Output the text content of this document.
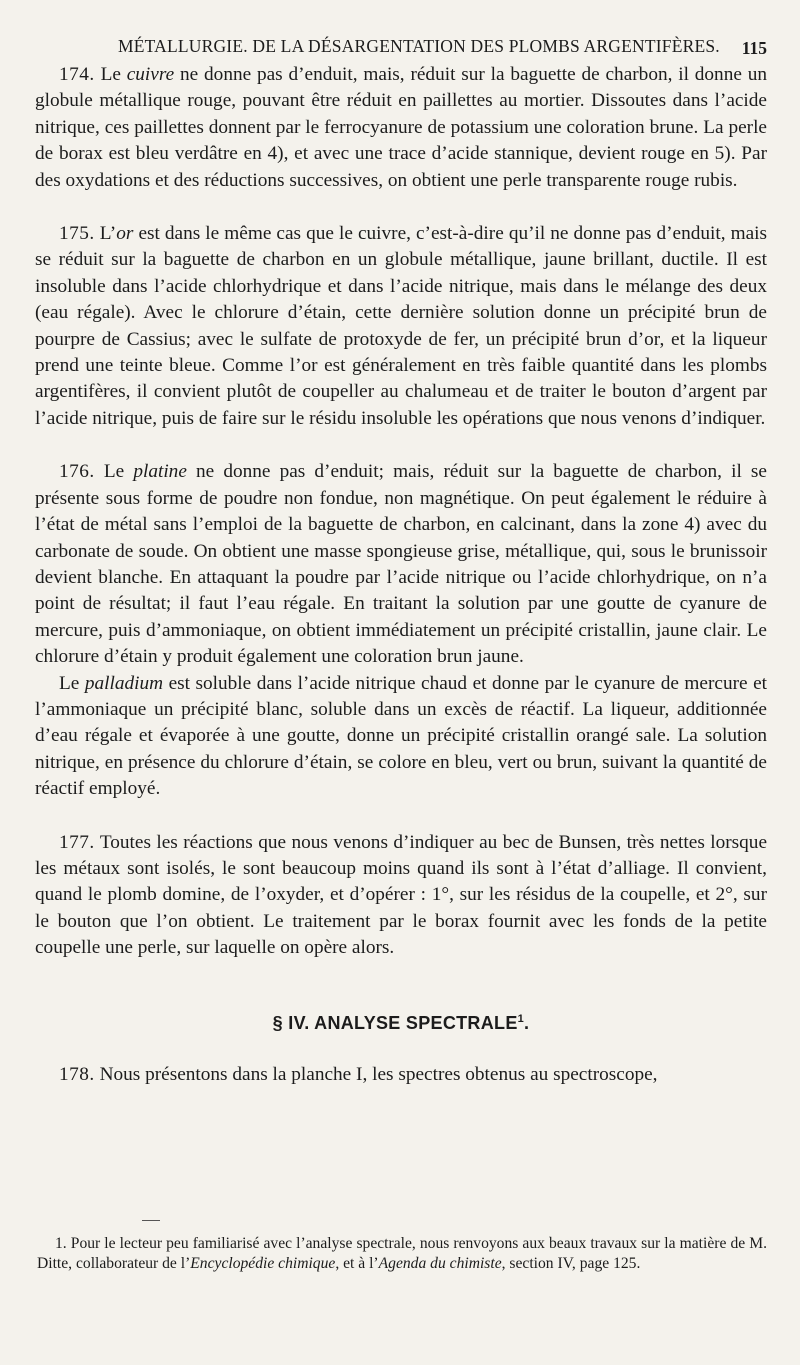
MÉTALLURGIE. DE LA DÉSARGENTATION DES PLOMBS ARGENTIFÈRES. 115

174. Le cuivre ne donne pas d’enduit, mais, réduit sur la baguette de charbon, il donne un globule métallique rouge, pouvant être réduit en paillettes au mortier. Dissoutes dans l’acide nitrique, ces paillettes donnent par le ferrocyanure de potassium une coloration brune. La perle de borax est bleu verdâtre en 4), et avec une trace d’acide stannique, devient rouge en 5). Par des oxydations et des réductions successives, on obtient une perle transparente rouge rubis.

175. L’or est dans le même cas que le cuivre, c’est-à-dire qu’il ne donne pas d’enduit, mais se réduit sur la baguette de charbon en un globule métallique, jaune brillant, ductile. Il est insoluble dans l’acide chlorhydrique et dans l’acide nitrique, mais dans le mélange des deux (eau régale). Avec le chlorure d’étain, cette dernière solution donne un précipité brun de pourpre de Cassius; avec le sulfate de protoxyde de fer, un précipité brun d’or, et la liqueur prend une teinte bleue. Comme l’or est généralement en très faible quantité dans les plombs argentifères, il convient plutôt de coupeller au chalumeau et de traiter le bouton d’argent par l’acide nitrique, puis de faire sur le résidu insoluble les opérations que nous venons d’indiquer.

176. Le platine ne donne pas d’enduit; mais, réduit sur la baguette de charbon, il se présente sous forme de poudre non fondue, non magnétique. On peut également le réduire à l’état de métal sans l’emploi de la baguette de charbon, en calcinant, dans la zone 4) avec du carbonate de soude. On obtient une masse spongieuse grise, métallique, qui, sous le brunissoir devient blanche. En attaquant la poudre par l’acide nitrique ou l’acide chlorhydrique, on n’a point de résultat; il faut l’eau régale. En traitant la solution par une goutte de cyanure de mercure, puis d’ammoniaque, on obtient immédiatement un précipité cristallin, jaune clair. Le chlorure d’étain y produit également une coloration brun jaune.

Le palladium est soluble dans l’acide nitrique chaud et donne par le cyanure de mercure et l’ammoniaque un précipité blanc, soluble dans un excès de réactif. La liqueur, additionnée d’eau régale et évaporée à une goutte, donne un précipité cristallin orangé sale. La solution nitrique, en présence du chlorure d’étain, se colore en bleu, vert ou brun, suivant la quantité de réactif employé.

177. Toutes les réactions que nous venons d’indiquer au bec de Bunsen, très nettes lorsque les métaux sont isolés, le sont beaucoup moins quand ils sont à l’état d’alliage. Il convient, quand le plomb domine, de l’oxyder, et d’opérer : 1°, sur les résidus de la coupelle, et 2°, sur le bouton que l’on obtient. Le traitement par le borax fournit avec les fonds de la petite coupelle une perle, sur laquelle on opère alors.

§ IV. ANALYSE SPECTRALE$^1$.

178. Nous présentons dans la planche I, les spectres obtenus au spectroscope,

1. Pour le lecteur peu familiarisé avec l’analyse spectrale, nous renvoyons aux beaux travaux sur la matière de M. Ditte, collaborateur de l’Encyclopédie chimique, et à l’Agenda du chimiste, section IV, page 125.
